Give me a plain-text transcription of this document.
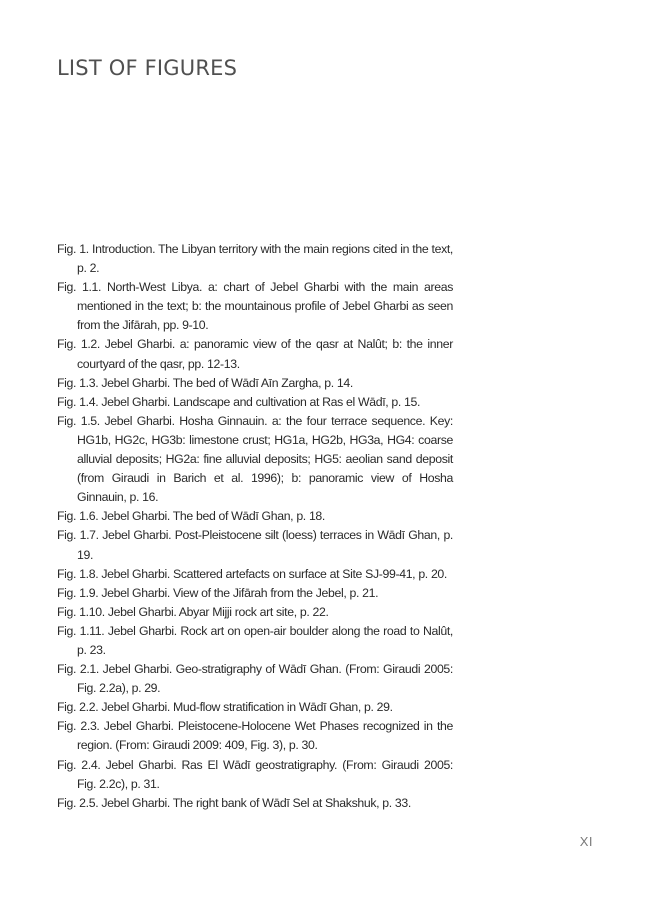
LIST OF FIGURES
Fig. 1. Introduction. The Libyan territory with the main regions cited in the text, p. 2.
Fig. 1.1. North-West Libya. a: chart of Jebel Gharbi with the main areas mentioned in the text; b: the mountainous profile of Jebel Gharbi as seen from the Jifārah, pp. 9-10.
Fig. 1.2. Jebel Gharbi. a: panoramic view of the qasr at Nalût; b: the inner courtyard of the qasr, pp. 12-13.
Fig. 1.3. Jebel Gharbi. The bed of Wādī Aīn Zargha, p. 14.
Fig. 1.4. Jebel Gharbi. Landscape and cultivation at Ras el Wādī, p. 15.
Fig. 1.5. Jebel Gharbi. Hosha Ginnauin. a: the four terrace sequence. Key: HG1b, HG2c, HG3b: limestone crust; HG1a, HG2b, HG3a, HG4: coarse alluvial deposits; HG2a: fine alluvial deposits; HG5: aeolian sand deposit (from Giraudi in Barich et al. 1996); b: panoramic view of Hosha Ginnauin, p. 16.
Fig. 1.6. Jebel Gharbi. The bed of Wādī Ghan, p. 18.
Fig. 1.7. Jebel Gharbi. Post-Pleistocene silt (loess) terraces in Wādī Ghan, p. 19.
Fig. 1.8. Jebel Gharbi. Scattered artefacts on surface at Site SJ-99-41, p. 20.
Fig. 1.9. Jebel Gharbi. View of the Jifārah from the Jebel, p. 21.
Fig. 1.10. Jebel Gharbi. Abyar Mijji rock art site, p. 22.
Fig. 1.11. Jebel Gharbi. Rock art on open-air boulder along the road to Nalût, p. 23.
Fig. 2.1. Jebel Gharbi. Geo-stratigraphy of Wādī Ghan. (From: Giraudi 2005: Fig. 2.2a), p. 29.
Fig. 2.2. Jebel Gharbi. Mud-flow stratification in Wādī Ghan, p. 29.
Fig. 2.3. Jebel Gharbi. Pleistocene-Holocene Wet Phases recognized in the region. (From: Giraudi 2009: 409, Fig. 3), p. 30.
Fig. 2.4. Jebel Gharbi. Ras El Wādī geostratigraphy. (From: Giraudi 2005: Fig. 2.2c), p. 31.
Fig. 2.5. Jebel Gharbi. The right bank of Wādī Sel at Shakshuk, p. 33.
XI
